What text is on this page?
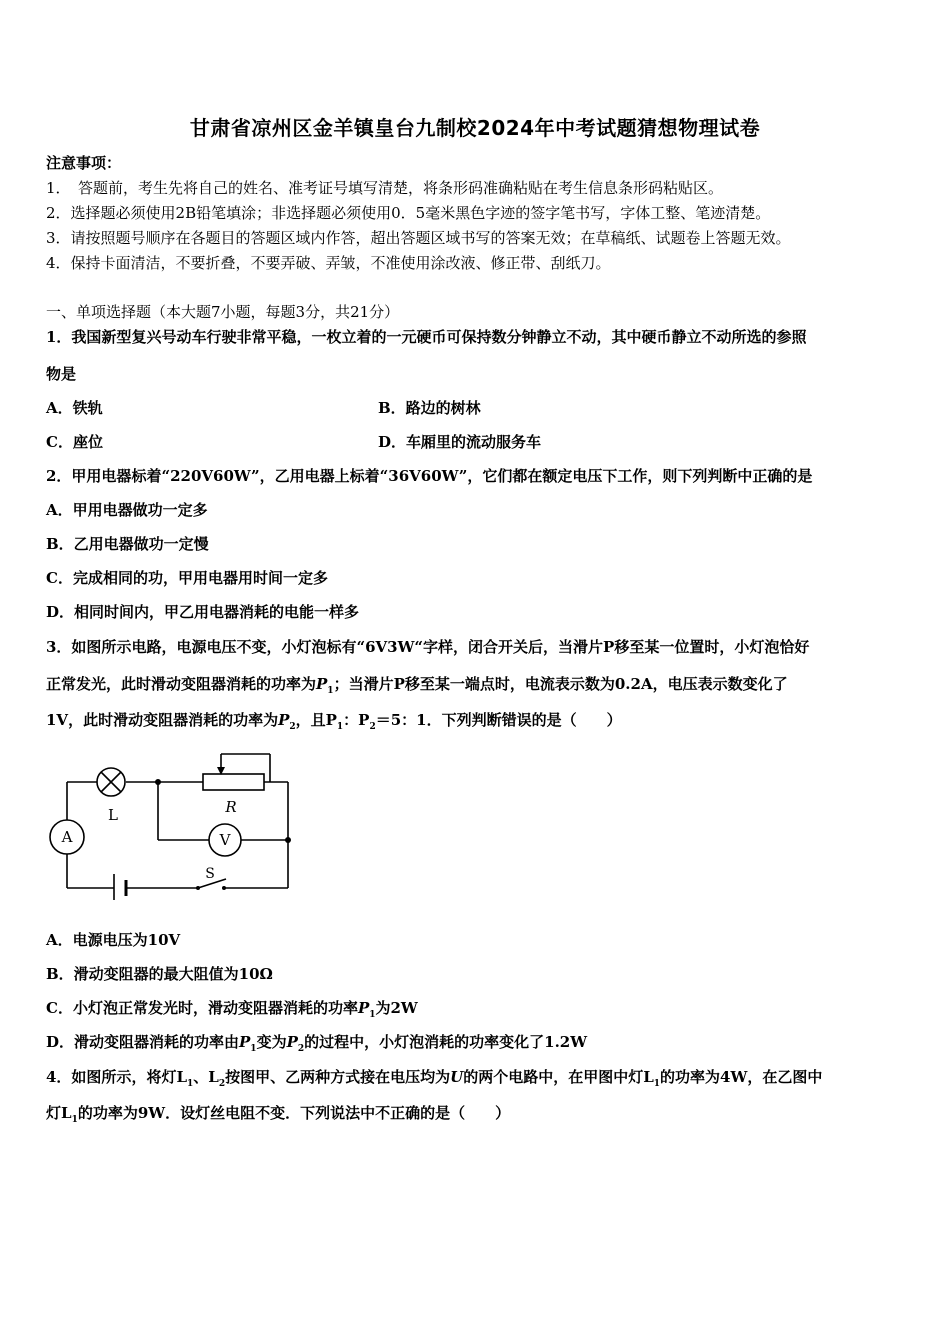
甘肃省凉州区金羊镇皇台九制校2024年中考试题猜想物理试卷
注意事项：
1．　答题前，考生先将自己的姓名、准考证号填写清楚，将条形码准确粘贴在考生信息条形码粘贴区。
2．选择题必须使用2B铅笔填涂；非选择题必须使用0．5毫米黑色字迹的签字笔书写，字体工整、笔迹清楚。
3．请按照题号顺序在各题目的答题区域内作答，超出答题区域书写的答案无效；在草稿纸、试题卷上答题无效。
4．保持卡面清洁，不要折叠，不要弄破、弄皱，不准使用涂改液、修正带、刮纸刀。
一、单项选择题（本大题7小题，每题3分，共21分）
1．我国新型复兴号动车行驶非常平稳，一枚立着的一元硬币可保持数分钟静立不动，其中硬币静立不动所选的参照
物是
A．铁轨	B．路边的树林
C．座位	D．车厢里的流动服务车
2．甲用电器标着“220V60W”，乙用电器上标着“36V60W”，它们都在额定电压下工作，则下列判断中正确的是
A．甲用电器做功一定多
B．乙用电器做功一定慢
C．完成相同的功，甲用电器用时间一定多
D．相同时间内，甲乙用电器消耗的电能一样多
3．如图所示电路，电源电压不变，小灯泡标有“6V3W“字样，闭合开关后，当滑片P移至某一位置时，小灯泡恰好
正常发光，此时滑动变阻器消耗的功率为$P_1$；当滑片P移至某一端点时，电流表示数为0.2A，电压表示数变化了
1V，此时滑动变阻器消耗的功率为$P_2$，且$P_1$：$P_2=5$：1．下列判断错误的是（　　）
A
L	R
V
S
A．电源电压为10V
B．滑动变阻器的最大阻值为10Ω
C．小灯泡正常发光时，滑动变阻器消耗的功率$P_1$为2W
D．滑动变阻器消耗的功率由$P_1$变为$P_2$的过程中，小灯泡消耗的功率变化了1.2W
4．如图所示，将灯$L_1$、$L_2$按图甲、乙两种方式接在电压均为U的两个电路中，在甲图中灯$L_1$的功率为4W，在乙图中
灯$L_1$的功率为9W．设灯丝电阻不变．下列说法中不正确的是（　　）
